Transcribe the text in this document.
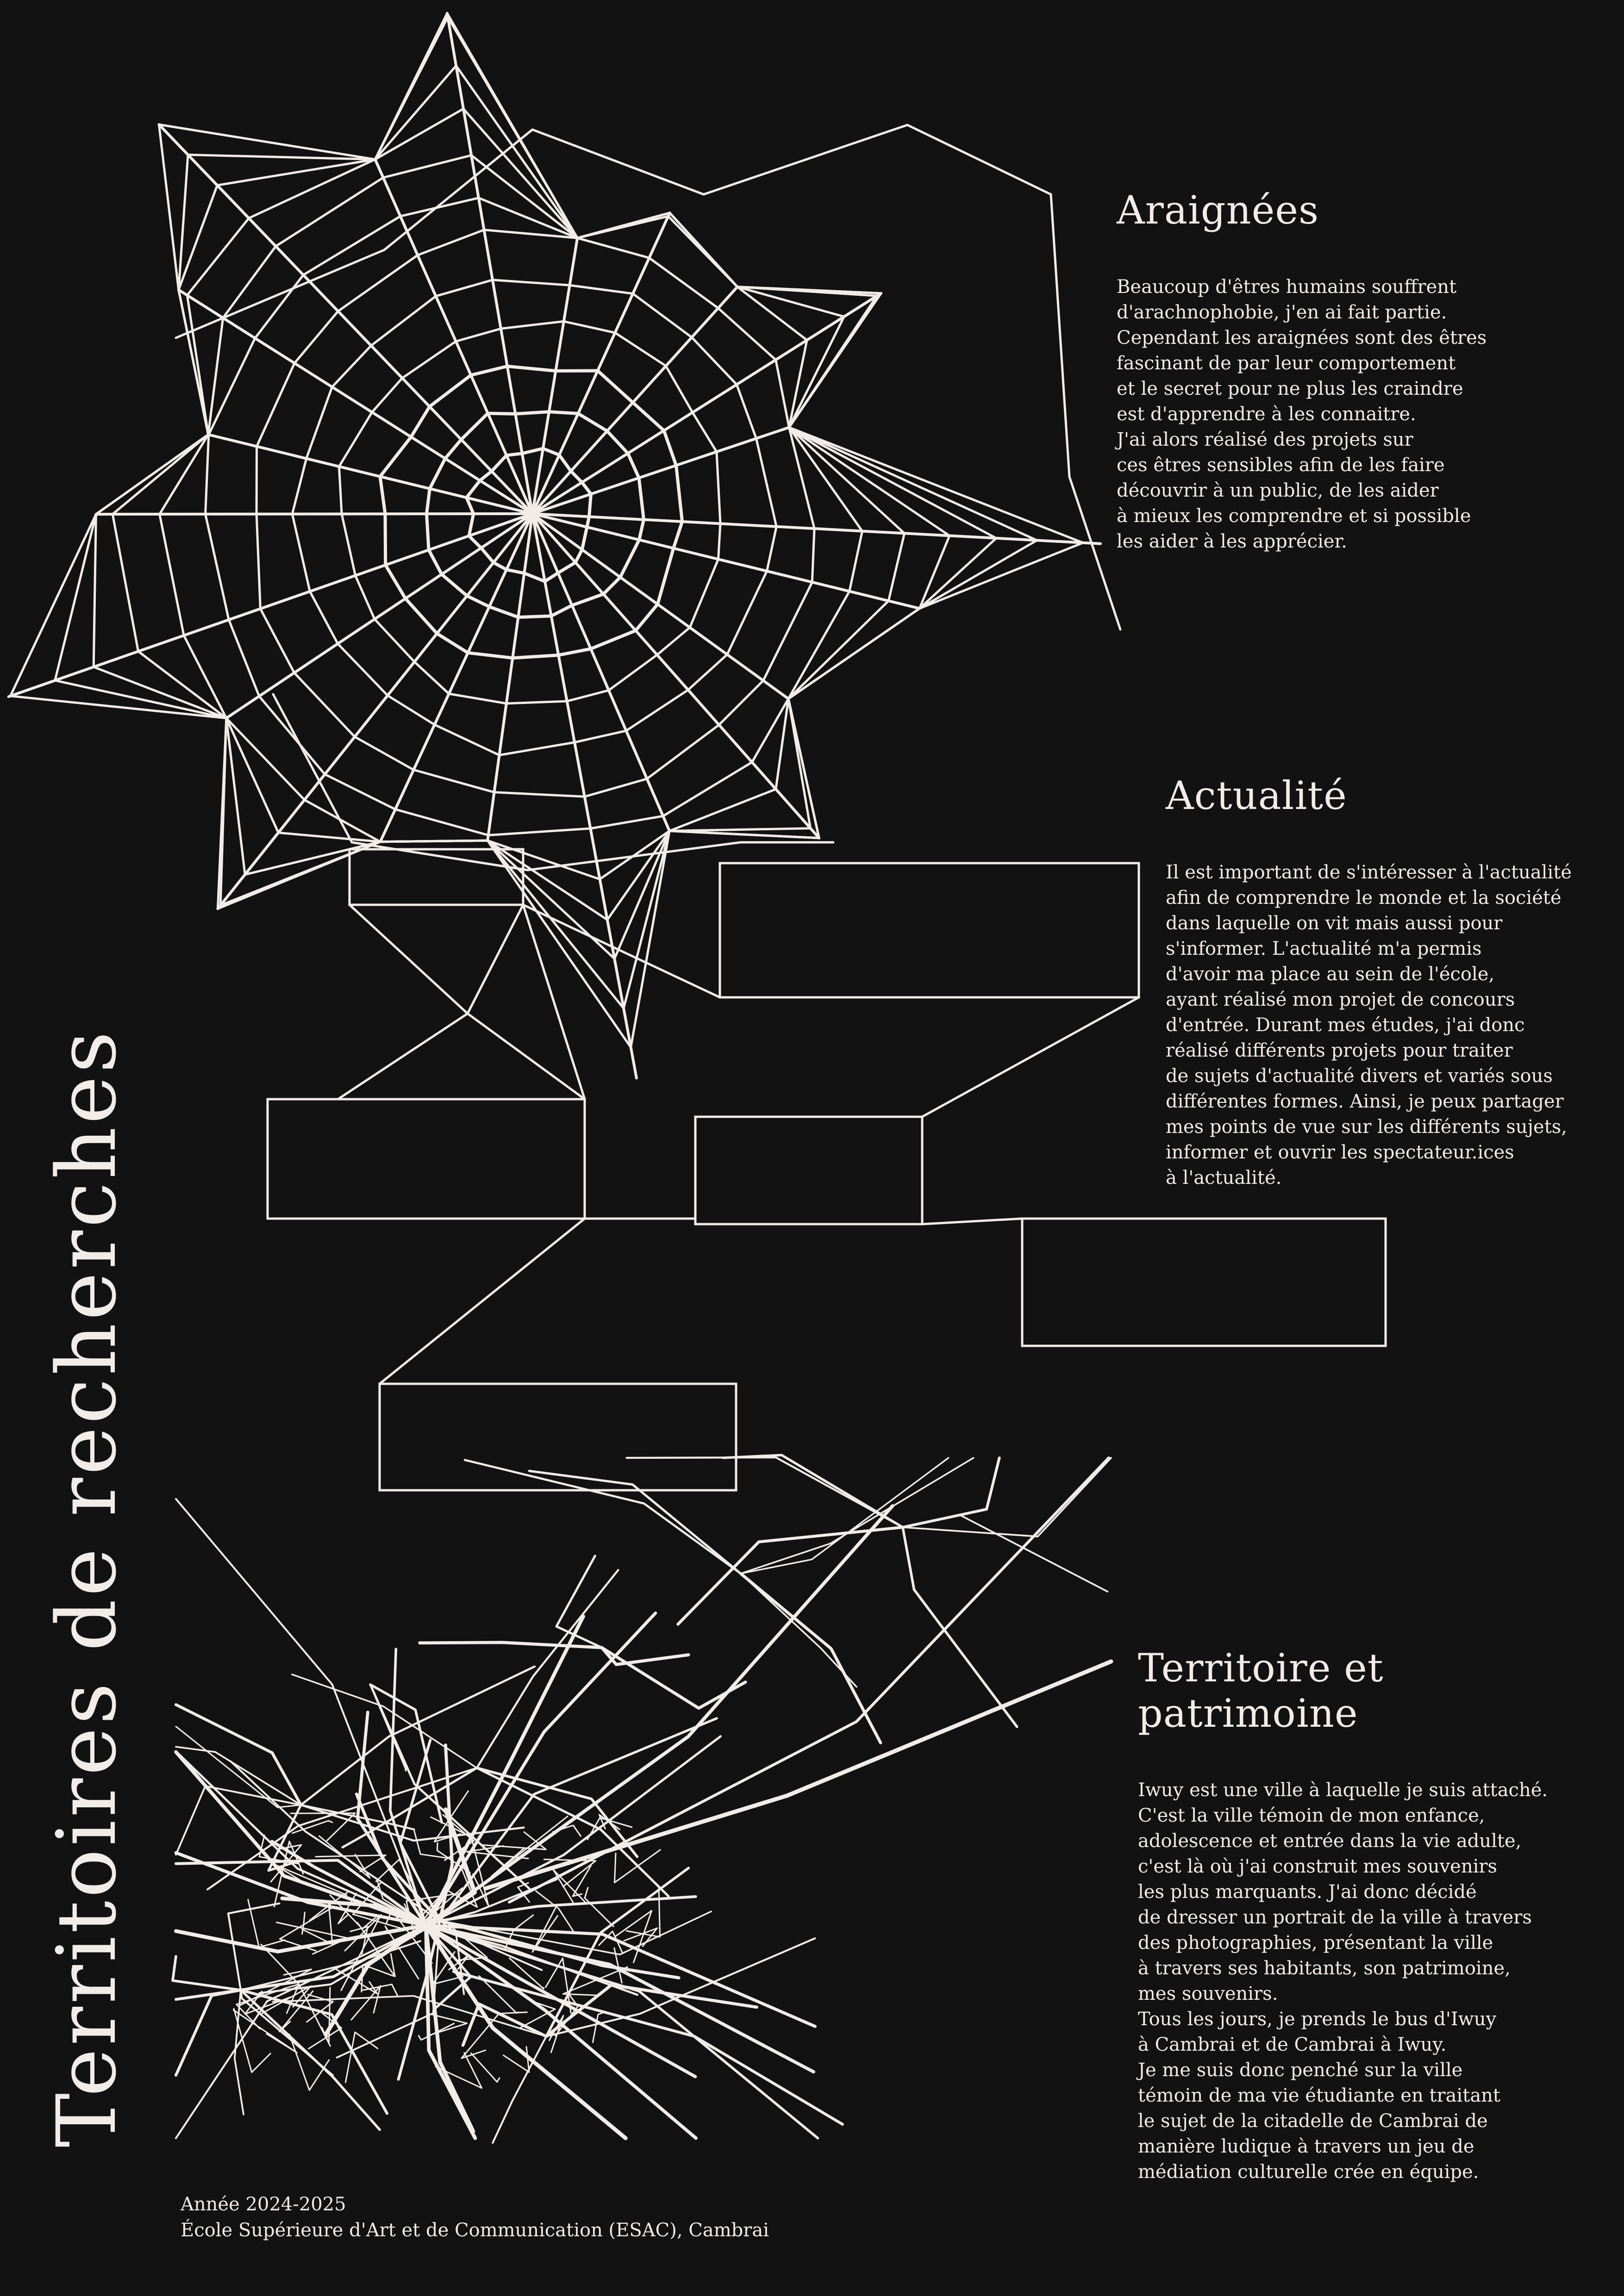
Territoires de recherches
Araignées

Beaucoup d'êtres humains souffrent
d'arachnophobie, j'en ai fait partie.
Cependant les araignées sont des êtres
fascinant de par leur comportement
et le secret pour ne plus les craindre
est d'apprendre à les connaitre.
J'ai alors réalisé des projets sur
ces êtres sensibles afin de les faire
découvrir à un public, de les aider
à mieux les comprendre et si possible
les aider à les apprécier.

Actualité

Il est important de s'intéresser à l'actualité
afin de comprendre le monde et la société
dans laquelle on vit mais aussi pour
s'informer. L'actualité m'a permis
d'avoir ma place au sein de l'école,
ayant réalisé mon projet de concours
d'entrée. Durant mes études, j'ai donc
réalisé différents projets pour traiter
de sujets d'actualité divers et variés sous
différentes formes. Ainsi, je peux partager
mes points de vue sur les différents sujets,
informer et ouvrir les spectateur.ices
à l'actualité.

Territoire et patrimoine

Iwuy est une ville à laquelle je suis attaché.
C'est la ville témoin de mon enfance,
adolescence et entrée dans la vie adulte,
c'est là où j'ai construit mes souvenirs
les plus marquants. J'ai donc décidé
de dresser un portrait de la ville à travers
des photographies, présentant la ville
à travers ses habitants, son patrimoine,
mes souvenirs.
Tous les jours, je prends le bus d'Iwuy
à Cambrai et de Cambrai à Iwuy.
Je me suis donc penché sur la ville
témoin de ma vie étudiante en traitant
le sujet de la citadelle de Cambrai de
manière ludique à travers un jeu de
médiation culturelle crée en équipe.

Année 2024-2025
École Supérieure d'Art et de Communication (ESAC), Cambrai
